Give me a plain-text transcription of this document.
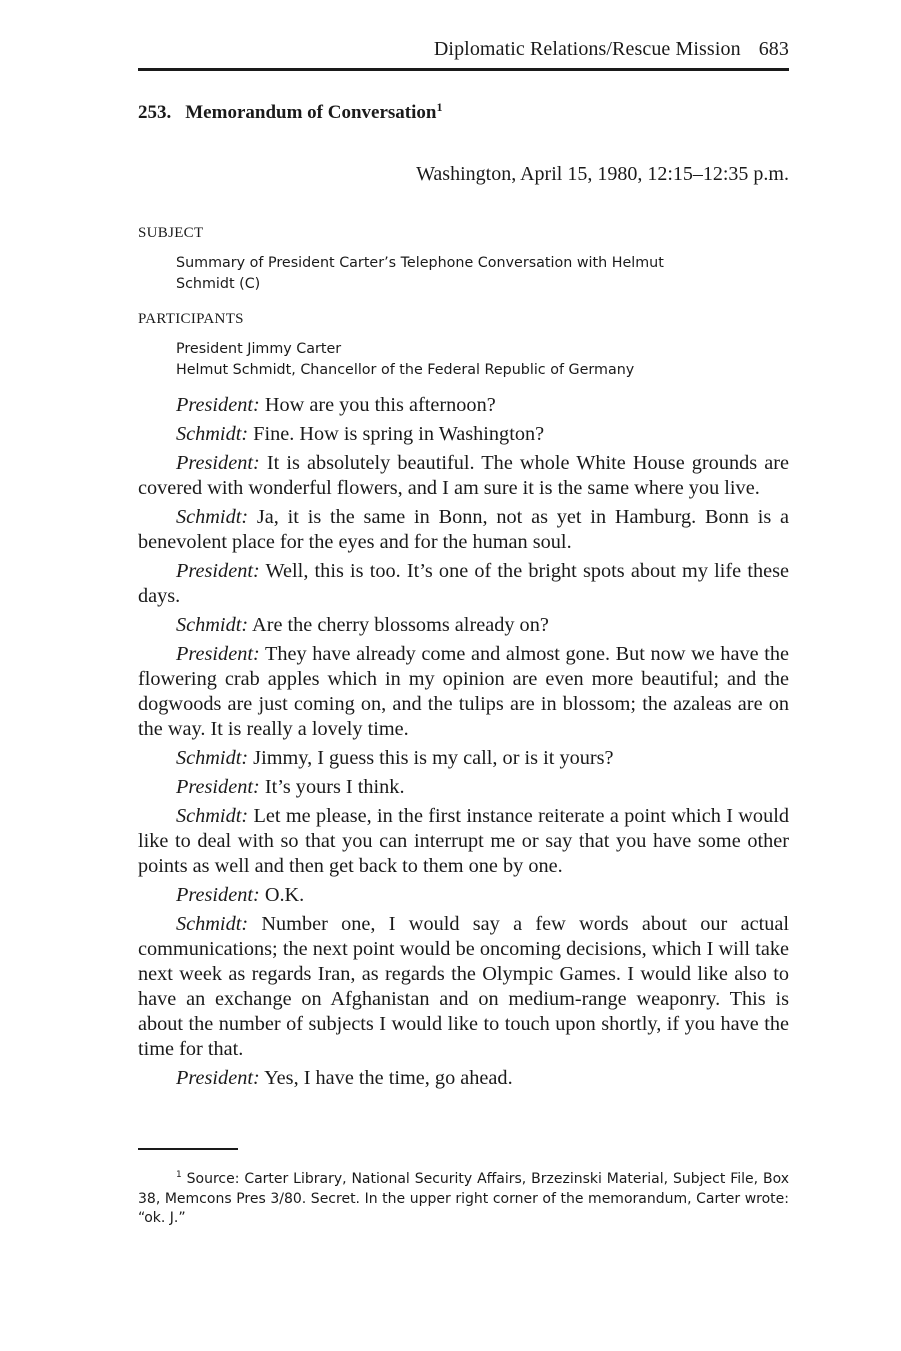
Diplomatic Relations/Rescue Mission 683
253. Memorandum of Conversation$^1$
Washington, April 15, 1980, 12:15–12:35 p.m.
SUBJECT
Summary of President Carter’s Telephone Conversation with Helmut
Schmidt (C)
PARTICIPANTS
President Jimmy Carter
Helmut Schmidt, Chancellor of the Federal Republic of Germany

President: How are you this afternoon?

Schmidt: Fine. How is spring in Washington?

President: It is absolutely beautiful. The whole White House grounds are covered with wonderful flowers, and I am sure it is the same where you live.

Schmidt: Ja, it is the same in Bonn, not as yet in Hamburg. Bonn is a benevolent place for the eyes and for the human soul.

President: Well, this is too. It’s one of the bright spots about my life these days.

Schmidt: Are the cherry blossoms already on?

President: They have already come and almost gone. But now we have the flowering crab apples which in my opinion are even more beautiful; and the dogwoods are just coming on, and the tulips are in blossom; the azaleas are on the way. It is really a lovely time.

Schmidt: Jimmy, I guess this is my call, or is it yours?

President: It’s yours I think.

Schmidt: Let me please, in the first instance reiterate a point which I would like to deal with so that you can interrupt me or say that you have some other points as well and then get back to them one by one.

President: O.K.

Schmidt: Number one, I would say a few words about our actual communications; the next point would be oncoming decisions, which I will take next week as regards Iran, as regards the Olympic Games. I would like also to have an exchange on Afghanistan and on medium-range weaponry. This is about the number of subjects I would like to touch upon shortly, if you have the time for that.

President: Yes, I have the time, go ahead.

$^1$ Source: Carter Library, National Security Affairs, Brzezinski Material, Subject File, Box 38, Memcons Pres 3/80. Secret. In the upper right corner of the memorandum, Carter wrote: “ok. J.”
